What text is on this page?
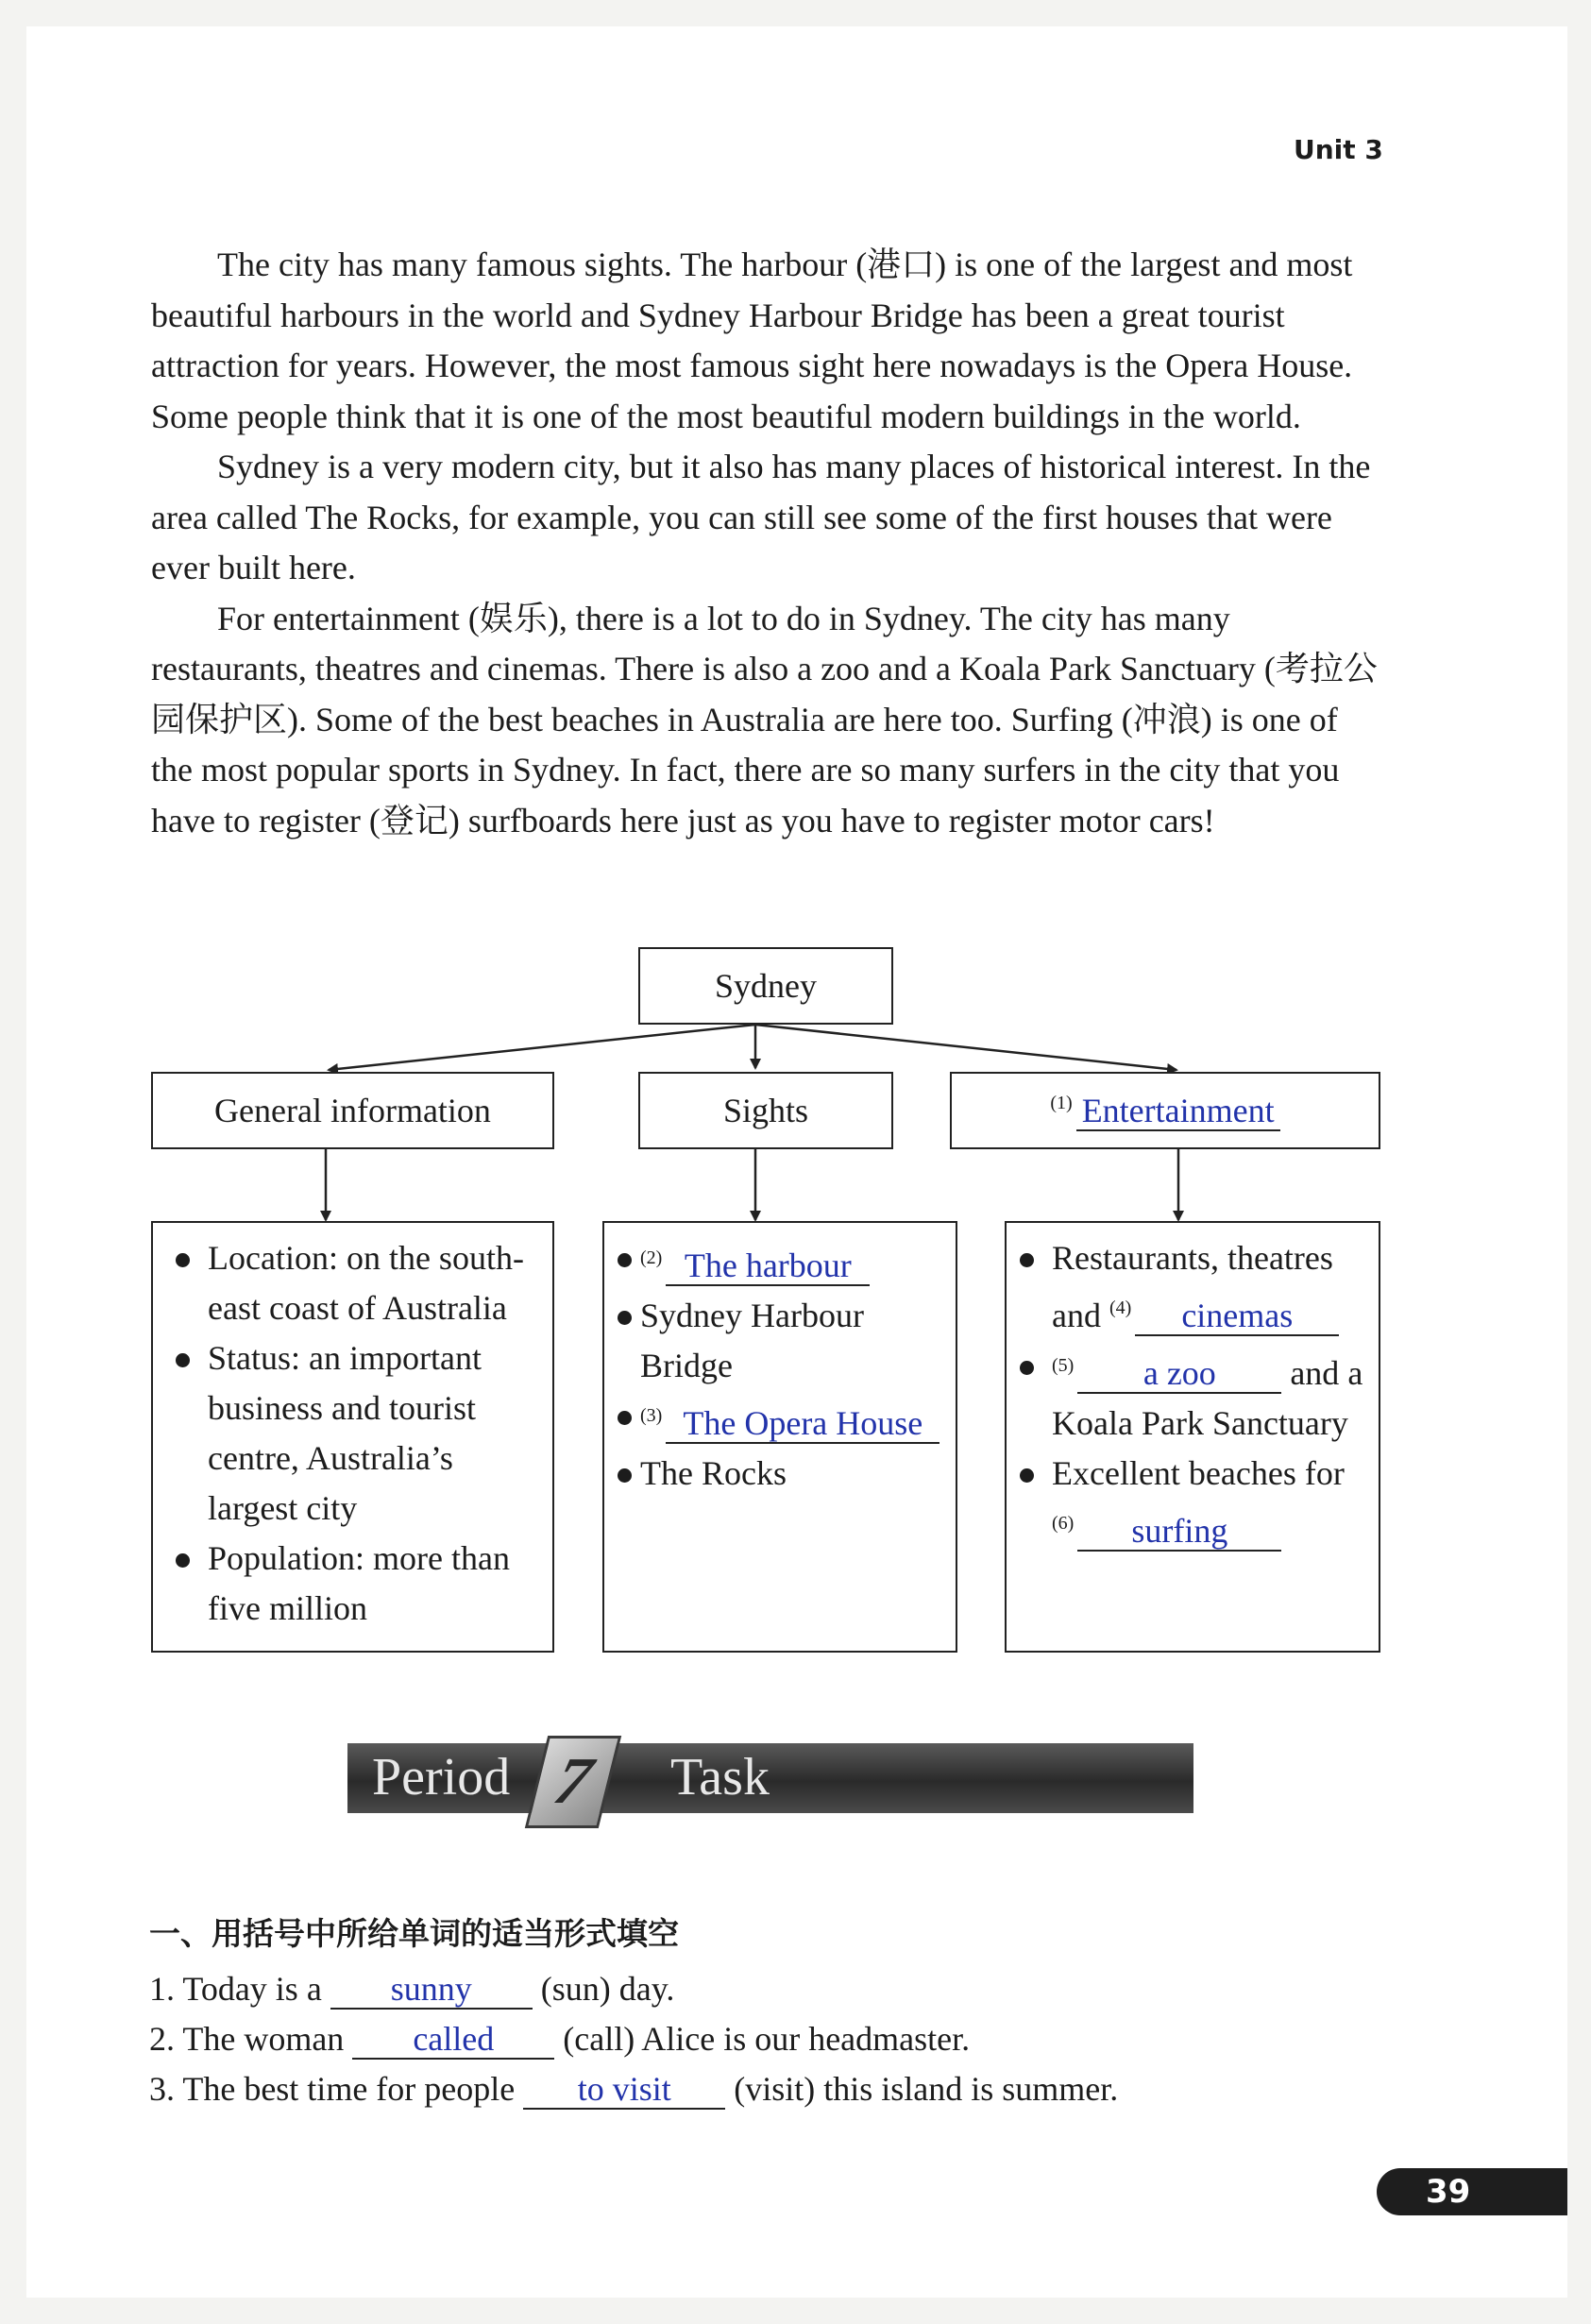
Unit 3

The city has many famous sights. The harbour (港口) is one of the largest and most beautiful harbours in the world and Sydney Harbour Bridge has been a great tourist attraction for years. However, the most famous sight here nowadays is the Opera House. Some people think that it is one of the most beautiful modern buildings in the world.

Sydney is a very modern city, but it also has many places of historical interest. In the area called The Rocks, for example, you can still see some of the first houses that were ever built here.

For entertainment (娱乐), there is a lot to do in Sydney. The city has many restaurants, theatres and cinemas. There is also a zoo and a Koala Park Sanctuary (考拉公园保护区). Some of the best beaches in Australia are here too. Surfing (冲浪) is one of the most popular sports in Sydney. In fact, there are so many surfers in the city that you have to register (登记) surfboards here just as you have to register motor cars!

Sydney
General information	Sights	$^{(1)}$ Entertainment
Location: on the south-east coast of Australia
Status: an important business and tourist centre, Australia’s largest city
Population: more than five million
$^{(2)}$ The harbour
Sydney Harbour Bridge
$^{(3)}$ The Opera House
The Rocks
Restaurants, theatres and $^{(4)}$ cinemas
$^{(5)}$ a zoo and a Koala Park Sanctuary
Excellent beaches for $^{(6)}$ surfing
Period 7	Task
一、用括号中所给单词的适当形式填空
1. Today is a sunny (sun) day.
2. The woman called (call) Alice is our headmaster.
3. The best time for people to visit (visit) this island is summer.
39
